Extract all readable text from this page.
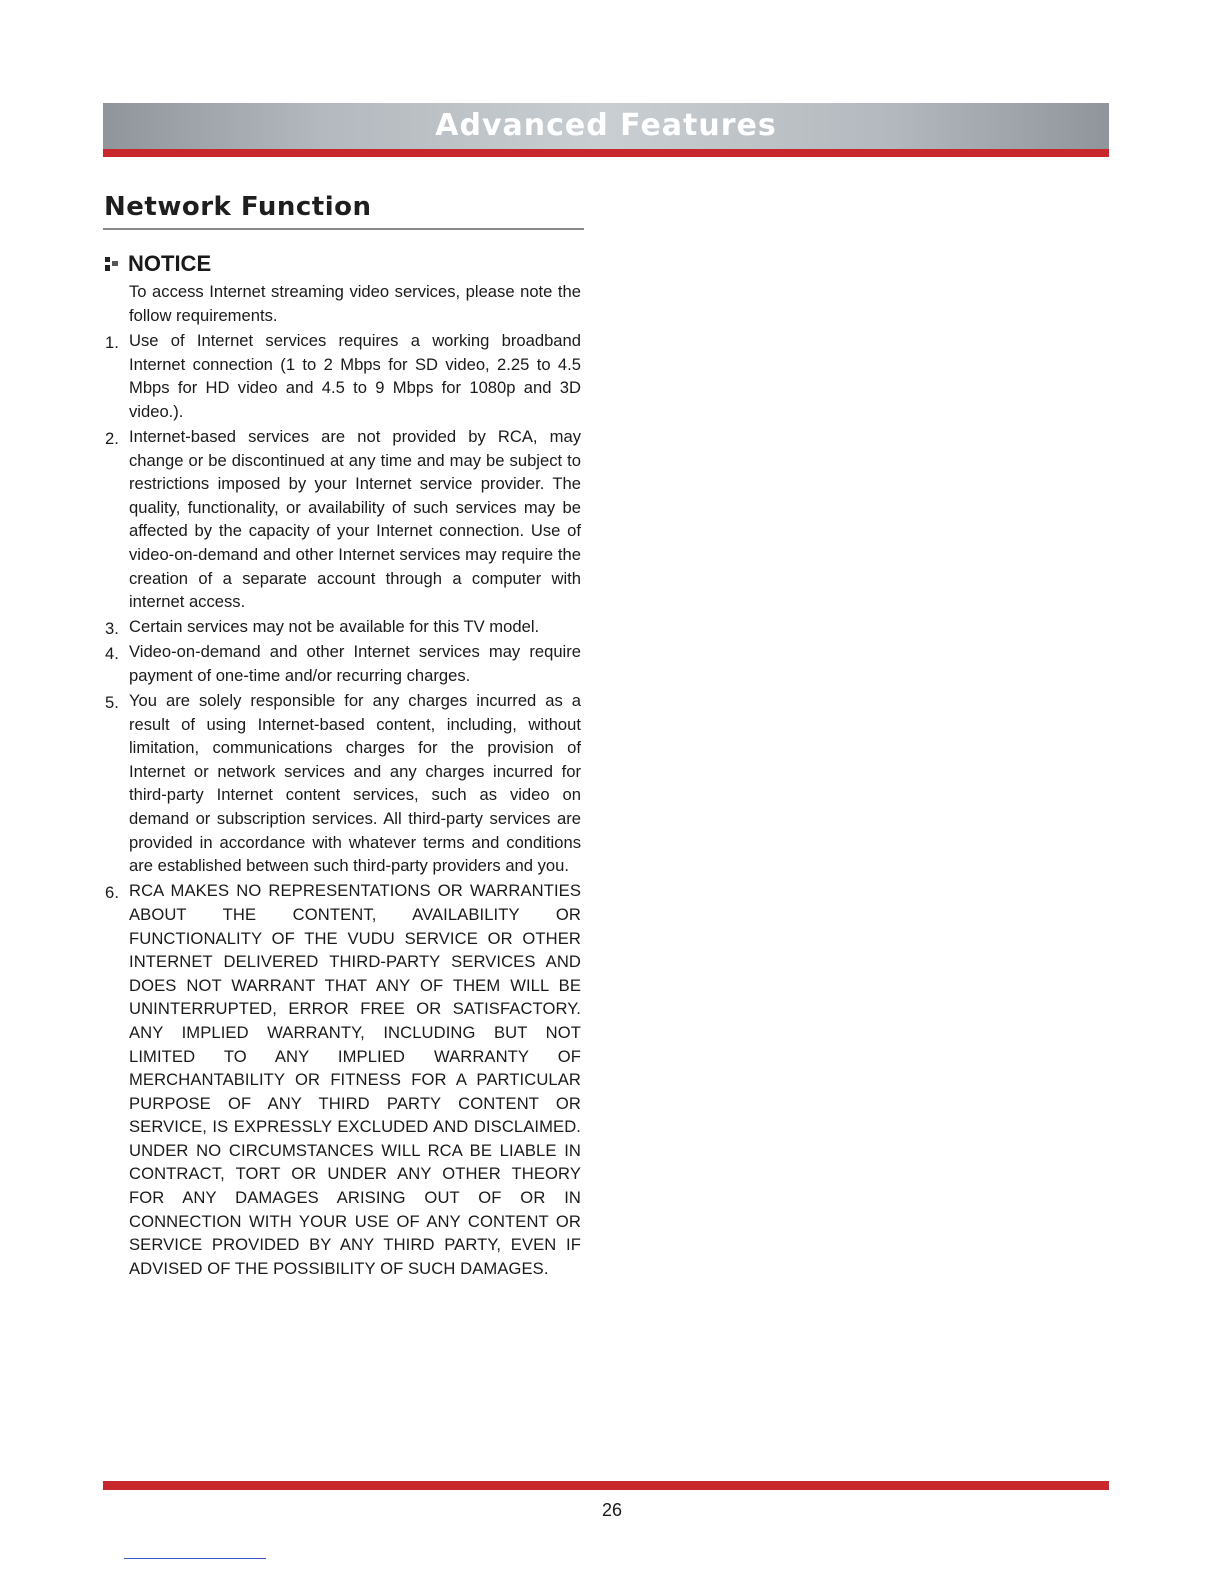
Advanced Features
Network Function
NOTICE

To access Internet streaming video services, please note the follow requirements.

1. Use of Internet services requires a working broadband Internet connection (1 to 2 Mbps for SD video, 2.25 to 4.5 Mbps for HD video and 4.5 to 9 Mbps for 1080p and 3D video.).
2. Internet-based services are not provided by RCA, may change or be discontinued at any time and may be subject to restrictions imposed by your Internet service provider. The quality, functionality, or availability of such services may be affected by the capacity of your Internet connection. Use of video-on-demand and other Internet services may require the creation of a separate account through a computer with internet access.
3. Certain services may not be available for this TV model.
4. Video-on-demand and other Internet services may require payment of one-time and/or recurring charges.
5. You are solely responsible for any charges incurred as a result of using Internet-based content, including, without limitation, communications charges for the provision of Internet or network services and any charges incurred for third-party Internet content services, such as video on demand or subscription services. All third-party services are provided in accordance with whatever terms and conditions are established between such third-party providers and you.
6. RCA MAKES NO REPRESENTATIONS OR WARRANTIES ABOUT THE CONTENT, AVAILABILITY OR FUNCTIONALITY OF THE VUDU SERVICE OR OTHER INTERNET DELIVERED THIRD-PARTY SERVICES AND DOES NOT WARRANT THAT ANY OF THEM WILL BE UNINTERRUPTED, ERROR FREE OR SATISFACTORY. ANY IMPLIED WARRANTY, INCLUDING BUT NOT LIMITED TO ANY IMPLIED WARRANTY OF MERCHANTABILITY OR FITNESS FOR A PARTICULAR PURPOSE OF ANY THIRD PARTY CONTENT OR SERVICE, IS EXPRESSLY EXCLUDED AND DISCLAIMED. UNDER NO CIRCUMSTANCES WILL RCA BE LIABLE IN CONTRACT, TORT OR UNDER ANY OTHER THEORY FOR ANY DAMAGES ARISING OUT OF OR IN CONNECTION WITH YOUR USE OF ANY CONTENT OR SERVICE PROVIDED BY ANY THIRD PARTY, EVEN IF ADVISED OF THE POSSIBILITY OF SUCH DAMAGES.
26
